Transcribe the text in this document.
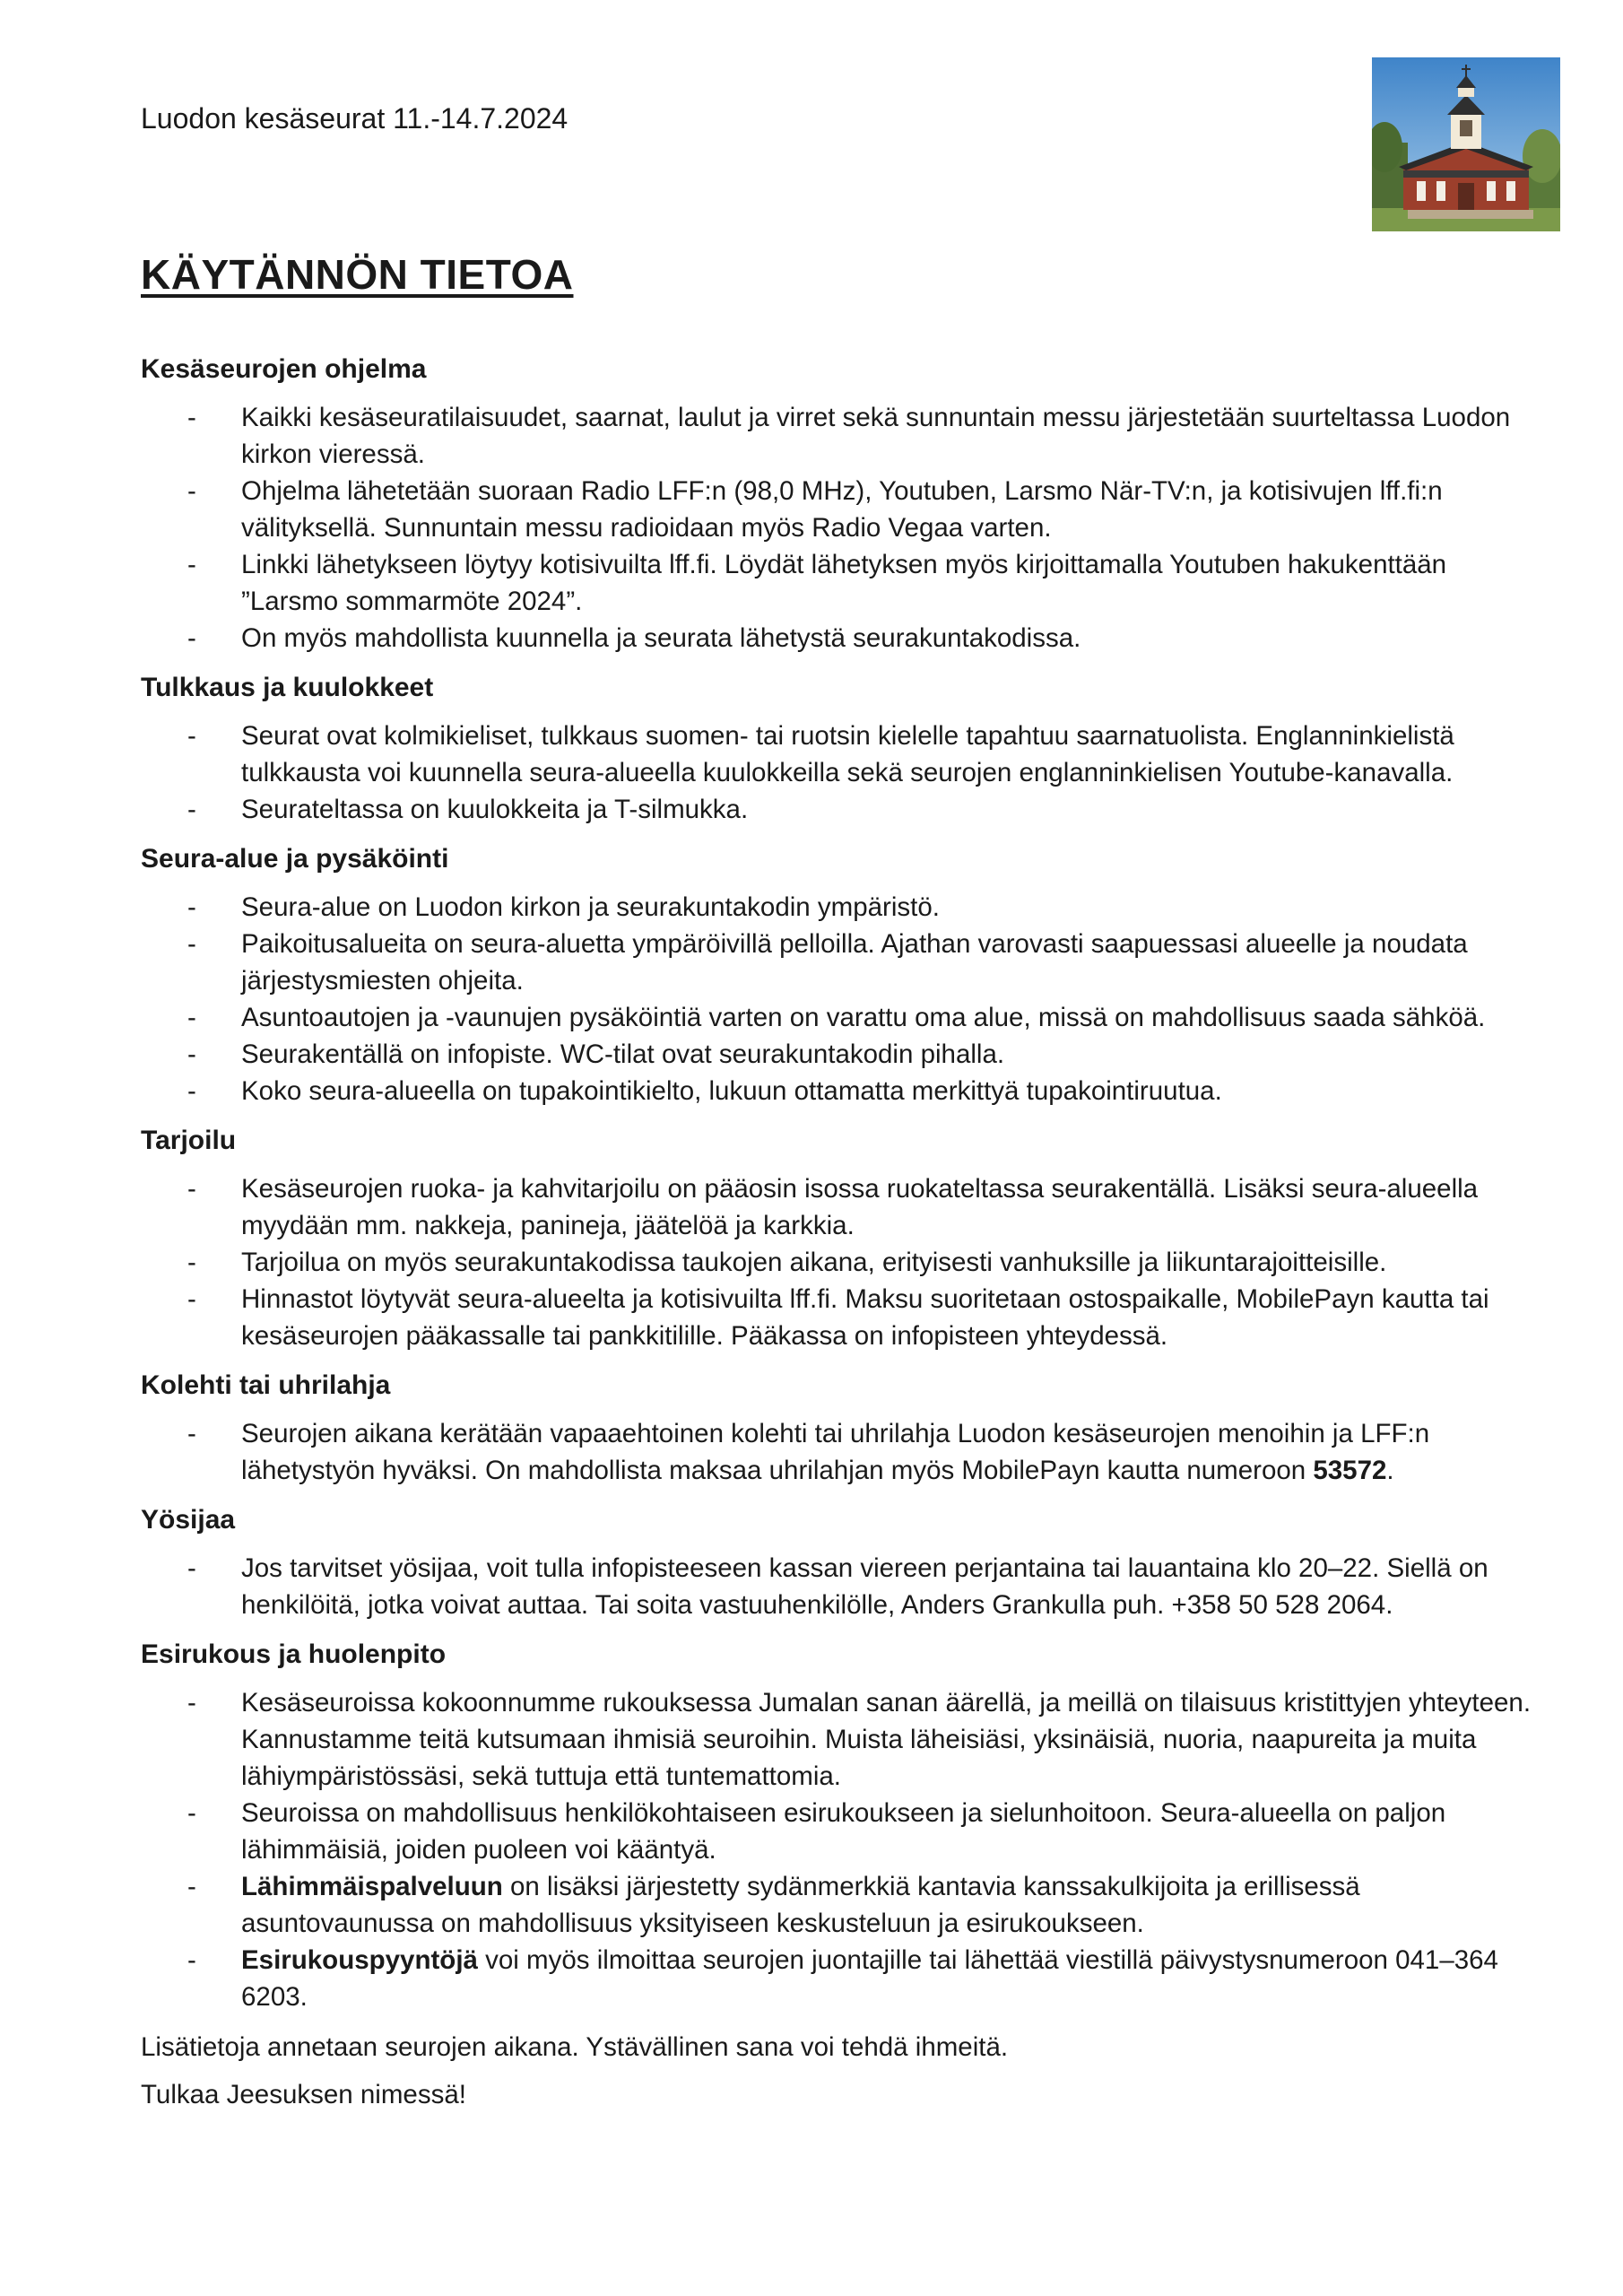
Luodon kesäseurat 11.-14.7.2024
KÄYTÄNNÖN TIETOA
Kesäseurojen ohjelma
- Kaikki kesäseuratilaisuudet, saarnat, laulut ja virret sekä sunnuntain messu järjestetään suurteltassa Luodon kirkon vieressä.
- Ohjelma lähetetään suoraan Radio LFF:n (98,0 MHz), Youtuben, Larsmo När-TV:n, ja kotisivujen lff.fi:n välityksellä. Sunnuntain messu radioidaan myös Radio Vegaa varten.
- Linkki lähetykseen löytyy kotisivuilta lff.fi. Löydät lähetyksen myös kirjoittamalla Youtuben hakukenttään ”Larsmo sommarmöte 2024”.
- On myös mahdollista kuunnella ja seurata lähetystä seurakuntakodissa.
Tulkkaus ja kuulokkeet
- Seurat ovat kolmikieliset, tulkkaus suomen- tai ruotsin kielelle tapahtuu saarnatuolista. Englanninkielistä tulkkausta voi kuunnella seura-alueella kuulokkeilla sekä seurojen englanninkielisen Youtube-kanavalla.
- Seurateltassa on kuulokkeita ja T-silmukka.
Seura-alue ja pysäköinti
- Seura-alue on Luodon kirkon ja seurakuntakodin ympäristö.
- Paikoitusalueita on seura-aluetta ympäröivillä pelloilla. Ajathan varovasti saapuessasi alueelle ja noudata järjestysmiesten ohjeita.
- Asuntoautojen ja -vaunujen pysäköintiä varten on varattu oma alue, missä on mahdollisuus saada sähköä.
- Seurakentällä on infopiste. WC-tilat ovat seurakuntakodin pihalla.
- Koko seura-alueella on tupakointikielto, lukuun ottamatta merkittyä tupakointiruutua.
Tarjoilu
- Kesäseurojen ruoka- ja kahvitarjoilu on pääosin isossa ruokateltassa seurakentällä. Lisäksi seura-alueella myydään mm. nakkeja, panineja, jäätelöä ja karkkia.
- Tarjoilua on myös seurakuntakodissa taukojen aikana, erityisesti vanhuksille ja liikuntarajoitteisille.
- Hinnastot löytyvät seura-alueelta ja kotisivuilta lff.fi. Maksu suoritetaan ostospaikalle, MobilePayn kautta tai kesäseurojen pääkassalle tai pankkitilille. Pääkassa on infopisteen yhteydessä.
Kolehti tai uhrilahja
- Seurojen aikana kerätään vapaaehtoinen kolehti tai uhrilahja Luodon kesäseurojen menoihin ja LFF:n lähetystyön hyväksi. On mahdollista maksaa uhrilahjan myös MobilePayn kautta numeroon 53572.
Yösijaa
- Jos tarvitset yösijaa, voit tulla infopisteeseen kassan viereen perjantaina tai lauantaina klo 20–22. Siellä on henkilöitä, jotka voivat auttaa. Tai soita vastuuhenkilölle, Anders Grankulla puh. +358 50 528 2064.
Esirukous ja huolenpito
- Kesäseuroissa kokoonnumme rukouksessa Jumalan sanan äärellä, ja meillä on tilaisuus kristittyjen yhteyteen. Kannustamme teitä kutsumaan ihmisiä seuroihin. Muista läheisiäsi, yksinäisiä, nuoria, naapureita ja muita lähiympäristössäsi, sekä tuttuja että tuntemattomia.
- Seuroissa on mahdollisuus henkilökohtaiseen esirukoukseen ja sielunhoitoon. Seura-alueella on paljon lähimmäisiä, joiden puoleen voi kääntyä.
- Lähimmäispalveluun on lisäksi järjestetty sydänmerkkiä kantavia kanssakulkijoita ja erillisessä asuntovaunussa on mahdollisuus yksityiseen keskusteluun ja esirukoukseen.
- Esirukouspyyntöjä voi myös ilmoittaa seurojen juontajille tai lähettää viestillä päivystysnumeroon 041–364 6203.

Lisätietoja annetaan seurojen aikana. Ystävällinen sana voi tehdä ihmeitä.

Tulkaa Jeesuksen nimessä!
